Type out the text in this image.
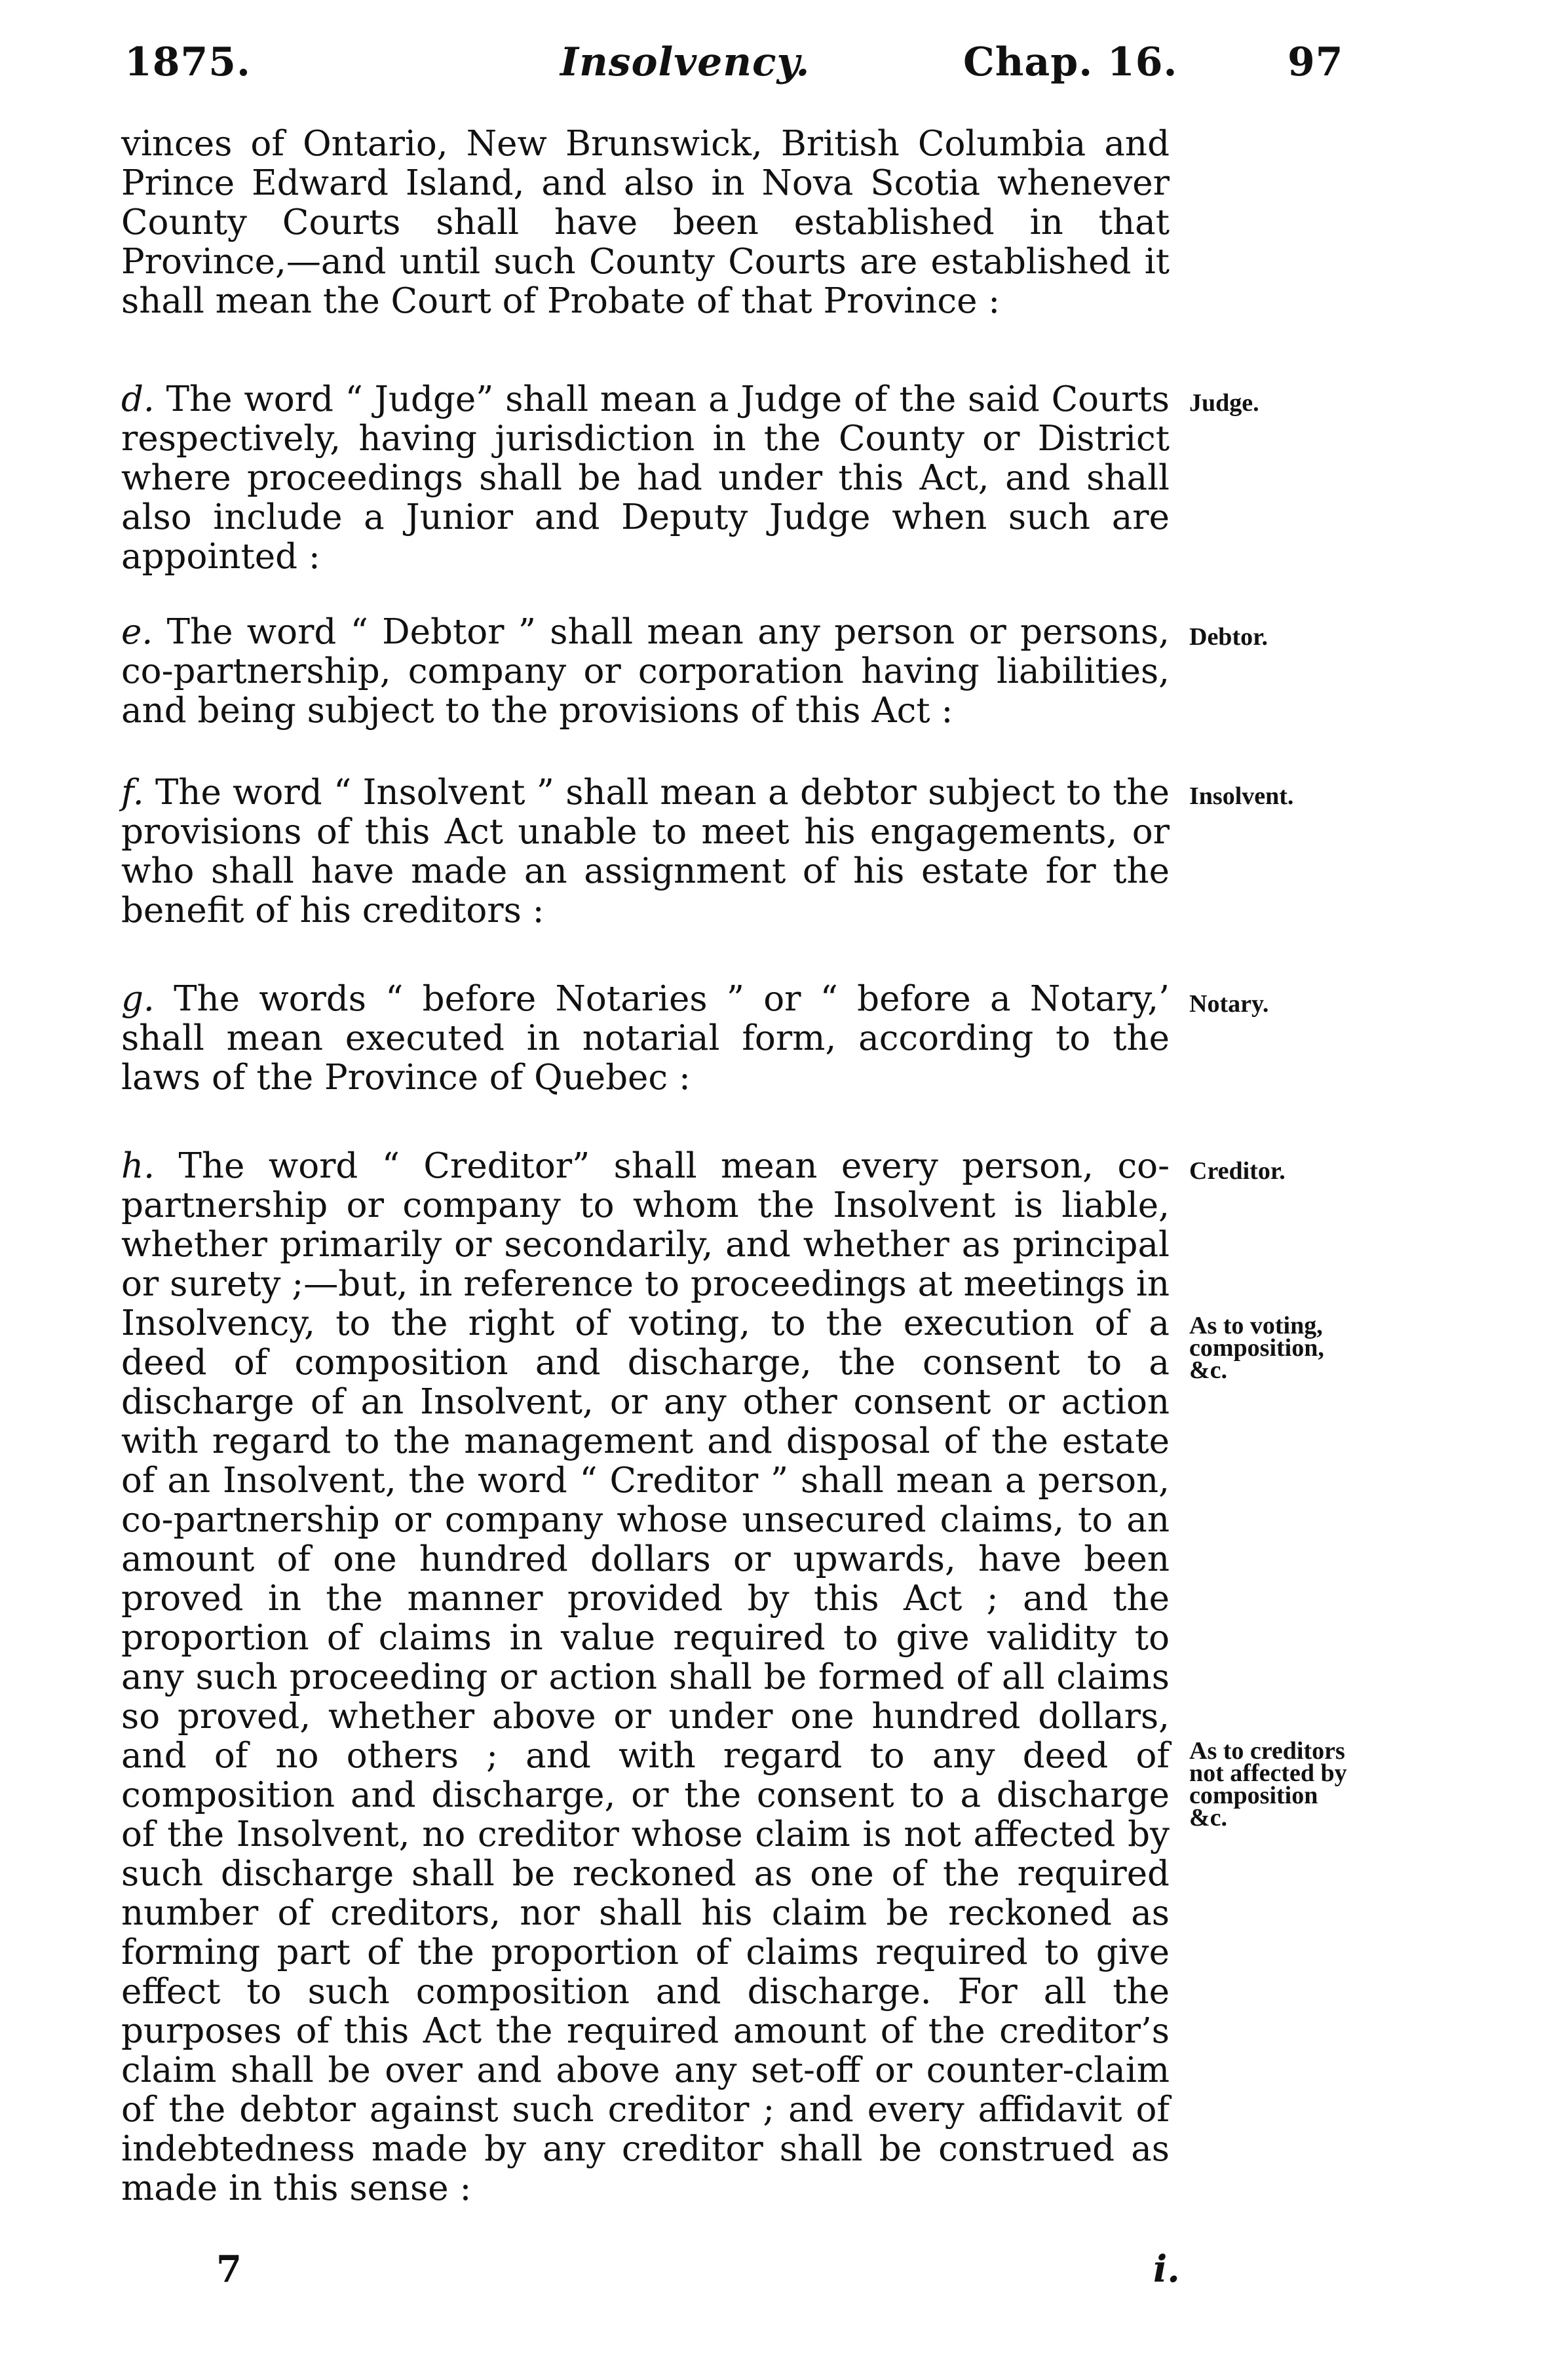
1875.	Insolvency.	Chap. 16.	97

vinces of Ontario, New Brunswick, British Columbia and Prince Edward Island, and also in Nova Scotia whenever County Courts shall have been established in that Province,—and until such County Courts are established it shall mean the Court of Probate of that Province :

d. The word “ Judge” shall mean a Judge of the said Courts respectively, having jurisdiction in the County or District where proceedings shall be had under this Act, and shall also include a Junior and Deputy Judge when such are appointed :

Judge.

e. The word “ Debtor ” shall mean any person or persons, co-partnership, company or corporation having liabilities, and being subject to the provisions of this Act :

Debtor.

f. The word “ Insolvent ” shall mean a debtor subject to the provisions of this Act unable to meet his engagements, or who shall have made an assignment of his estate for the benefit of his creditors :

Insolvent.

g. The words “ before Notaries ” or “ before a Notary,’ shall mean executed in notarial form, according to the laws of the Province of Quebec :

Notary.

h. The word “ Creditor” shall mean every person, co-partnership or company to whom the Insolvent is liable, whether primarily or secondarily, and whether as principal or surety ;—but, in reference to proceedings at meetings in Insolvency, to the right of voting, to the execution of a deed of composition and discharge, the consent to a discharge of an Insolvent, or any other consent or action with regard to the management and disposal of the estate of an Insolvent, the word “ Creditor ” shall mean a person, co-partnership or company whose unsecured claims, to an amount of one hundred dollars or upwards, have been proved in the manner provided by this Act ; and the proportion of claims in value required to give validity to any such proceeding or action shall be formed of all claims so proved, whether above or under one hundred dollars, and of no others ; and with regard to any deed of composition and discharge, or the consent to a discharge of the Insolvent, no creditor whose claim is not affected by such discharge shall be reckoned as one of the required number of creditors, nor shall his claim be reckoned as forming part of the proportion of claims required to give effect to such composition and discharge. For all the purposes of this Act the required amount of the creditor’s claim shall be over and above any set-off or counter-claim of the debtor against such creditor ; and every affidavit of indebtedness made by any creditor shall be construed as made in this sense :

Creditor.
As to voting, composition, &c.
As to creditors not affected by composition &c.
7	i.
